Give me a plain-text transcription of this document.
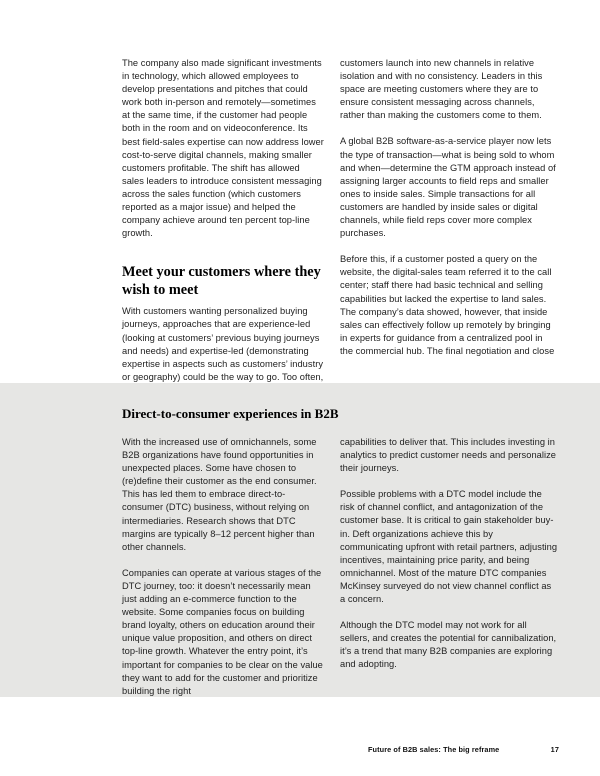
The company also made significant investments in technology, which allowed employees to develop presentations and pitches that could work both in-person and remotely—sometimes at the same time, if the customer had people both in the room and on videoconference. Its best field-sales expertise can now address lower cost-to-serve digital channels, making smaller customers profitable. The shift has allowed sales leaders to introduce consistent messaging across the sales function (which customers reported as a major issue) and helped the company achieve around ten percent top-line growth.

Meet your customers where they wish to meet

With customers wanting personalized buying journeys, approaches that are experience-led (looking at customers’ previous buying journeys and needs) and expertise-led (demonstrating expertise in aspects such as customers’ industry or geography) could be the way to go. Too often,

customers launch into new channels in relative isolation and with no consistency. Leaders in this space are meeting customers where they are to ensure consistent messaging across channels, rather than making the customers come to them.

A global B2B software-as-a-service player now lets the type of transaction—what is being sold to whom and when—determine the GTM approach instead of assigning larger accounts to field reps and smaller ones to inside sales. Simple transactions for all customers are handled by inside sales or digital channels, while field reps cover more complex purchases.

Before this, if a customer posted a query on the website, the digital-sales team referred it to the call center; staff there had basic technical and selling capabilities but lacked the expertise to land sales. The company’s data showed, however, that inside sales can effectively follow up remotely by bringing in experts for guidance from a centralized pool in the commercial hub. The final negotiation and close

Direct-to-consumer experiences in B2B

With the increased use of omnichannels, some B2B organizations have found opportunities in unexpected places. Some have chosen to (re)define their customer as the end consumer. This has led them to embrace direct-to-consumer (DTC) business, without relying on intermediaries. Research shows that DTC margins are typically 8–12 percent higher than other channels.

Companies can operate at various stages of the DTC journey, too: it doesn’t necessarily mean just adding an e-commerce function to the website. Some companies focus on building brand loyalty, others on education around their unique value proposition, and others on direct top-line growth. Whatever the entry point, it’s important for companies to be clear on the value they want to add for the customer and prioritize building the right

capabilities to deliver that. This includes investing in analytics to predict customer needs and personalize their journeys.

Possible problems with a DTC model include the risk of channel conflict, and antagonization of the customer base. It is critical to gain stakeholder buy-in. Deft organizations achieve this by communicating upfront with retail partners, adjusting incentives, maintaining price parity, and being omnichannel. Most of the mature DTC companies McKinsey surveyed do not view channel conflict as a concern.

Although the DTC model may not work for all sellers, and creates the potential for cannibalization, it’s a trend that many B2B companies are exploring and adopting.

Future of B2B sales: The big reframe	17
